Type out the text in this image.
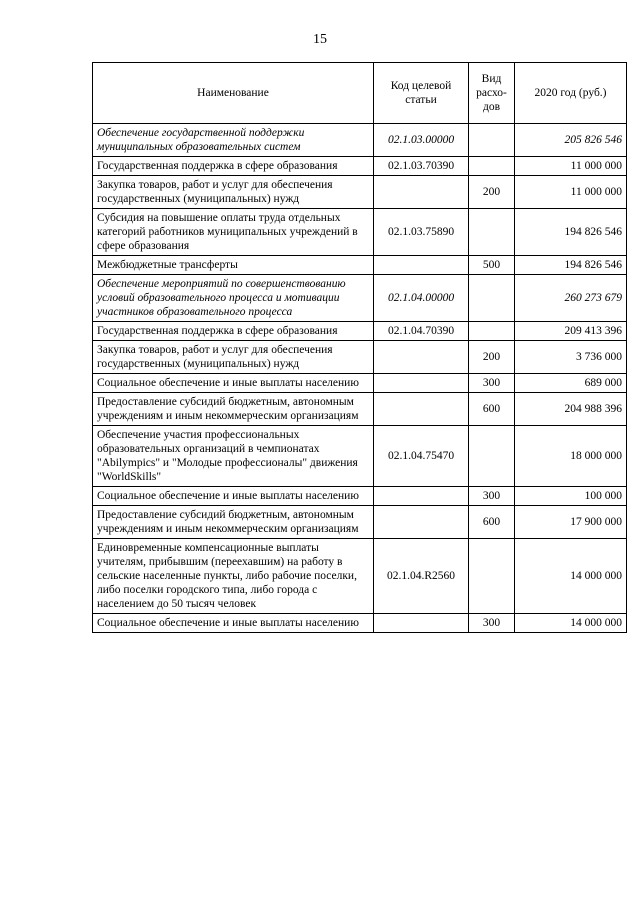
15
Наименование	Код целевой статьи	Вид расхо-дов	2020 год (руб.)
Обеспечение государственной поддержки муниципальных образовательных систем	02.1.03.00000		205 826 546
Государственная поддержка в сфере образования	02.1.03.70390		11 000 000
Закупка товаров, работ и услуг для обеспечения государственных (муниципальных) нужд		200	11 000 000
Субсидия на повышение оплаты труда отдельных категорий работников муниципальных учреждений в сфере образования	02.1.03.75890		194 826 546
Межбюджетные трансферты		500	194 826 546
Обеспечение мероприятий по совершенствованию условий образовательного процесса и мотивации участников образовательного процесса	02.1.04.00000		260 273 679
Государственная поддержка в сфере образования	02.1.04.70390		209 413 396
Закупка товаров, работ и услуг для обеспечения государственных (муниципальных) нужд		200	3 736 000
Социальное обеспечение и иные выплаты населению		300	689 000
Предоставление субсидий бюджетным, автономным учреждениям и иным некоммерческим организациям		600	204 988 396
Обеспечение участия профессиональных образовательных организаций в чемпионатах "Abilympics" и "Молодые профессионалы" движения "WorldSkills"	02.1.04.75470		18 000 000
Социальное обеспечение и иные выплаты населению		300	100 000
Предоставление субсидий бюджетным, автономным учреждениям и иным некоммерческим организациям		600	17 900 000
Единовременные компенсационные выплаты учителям, прибывшим (переехавшим) на работу в сельские населенные пункты, либо рабочие поселки, либо поселки городского типа, либо города с населением до 50 тысяч человек	02.1.04.R2560		14 000 000
Социальное обеспечение и иные выплаты населению		300	14 000 000
